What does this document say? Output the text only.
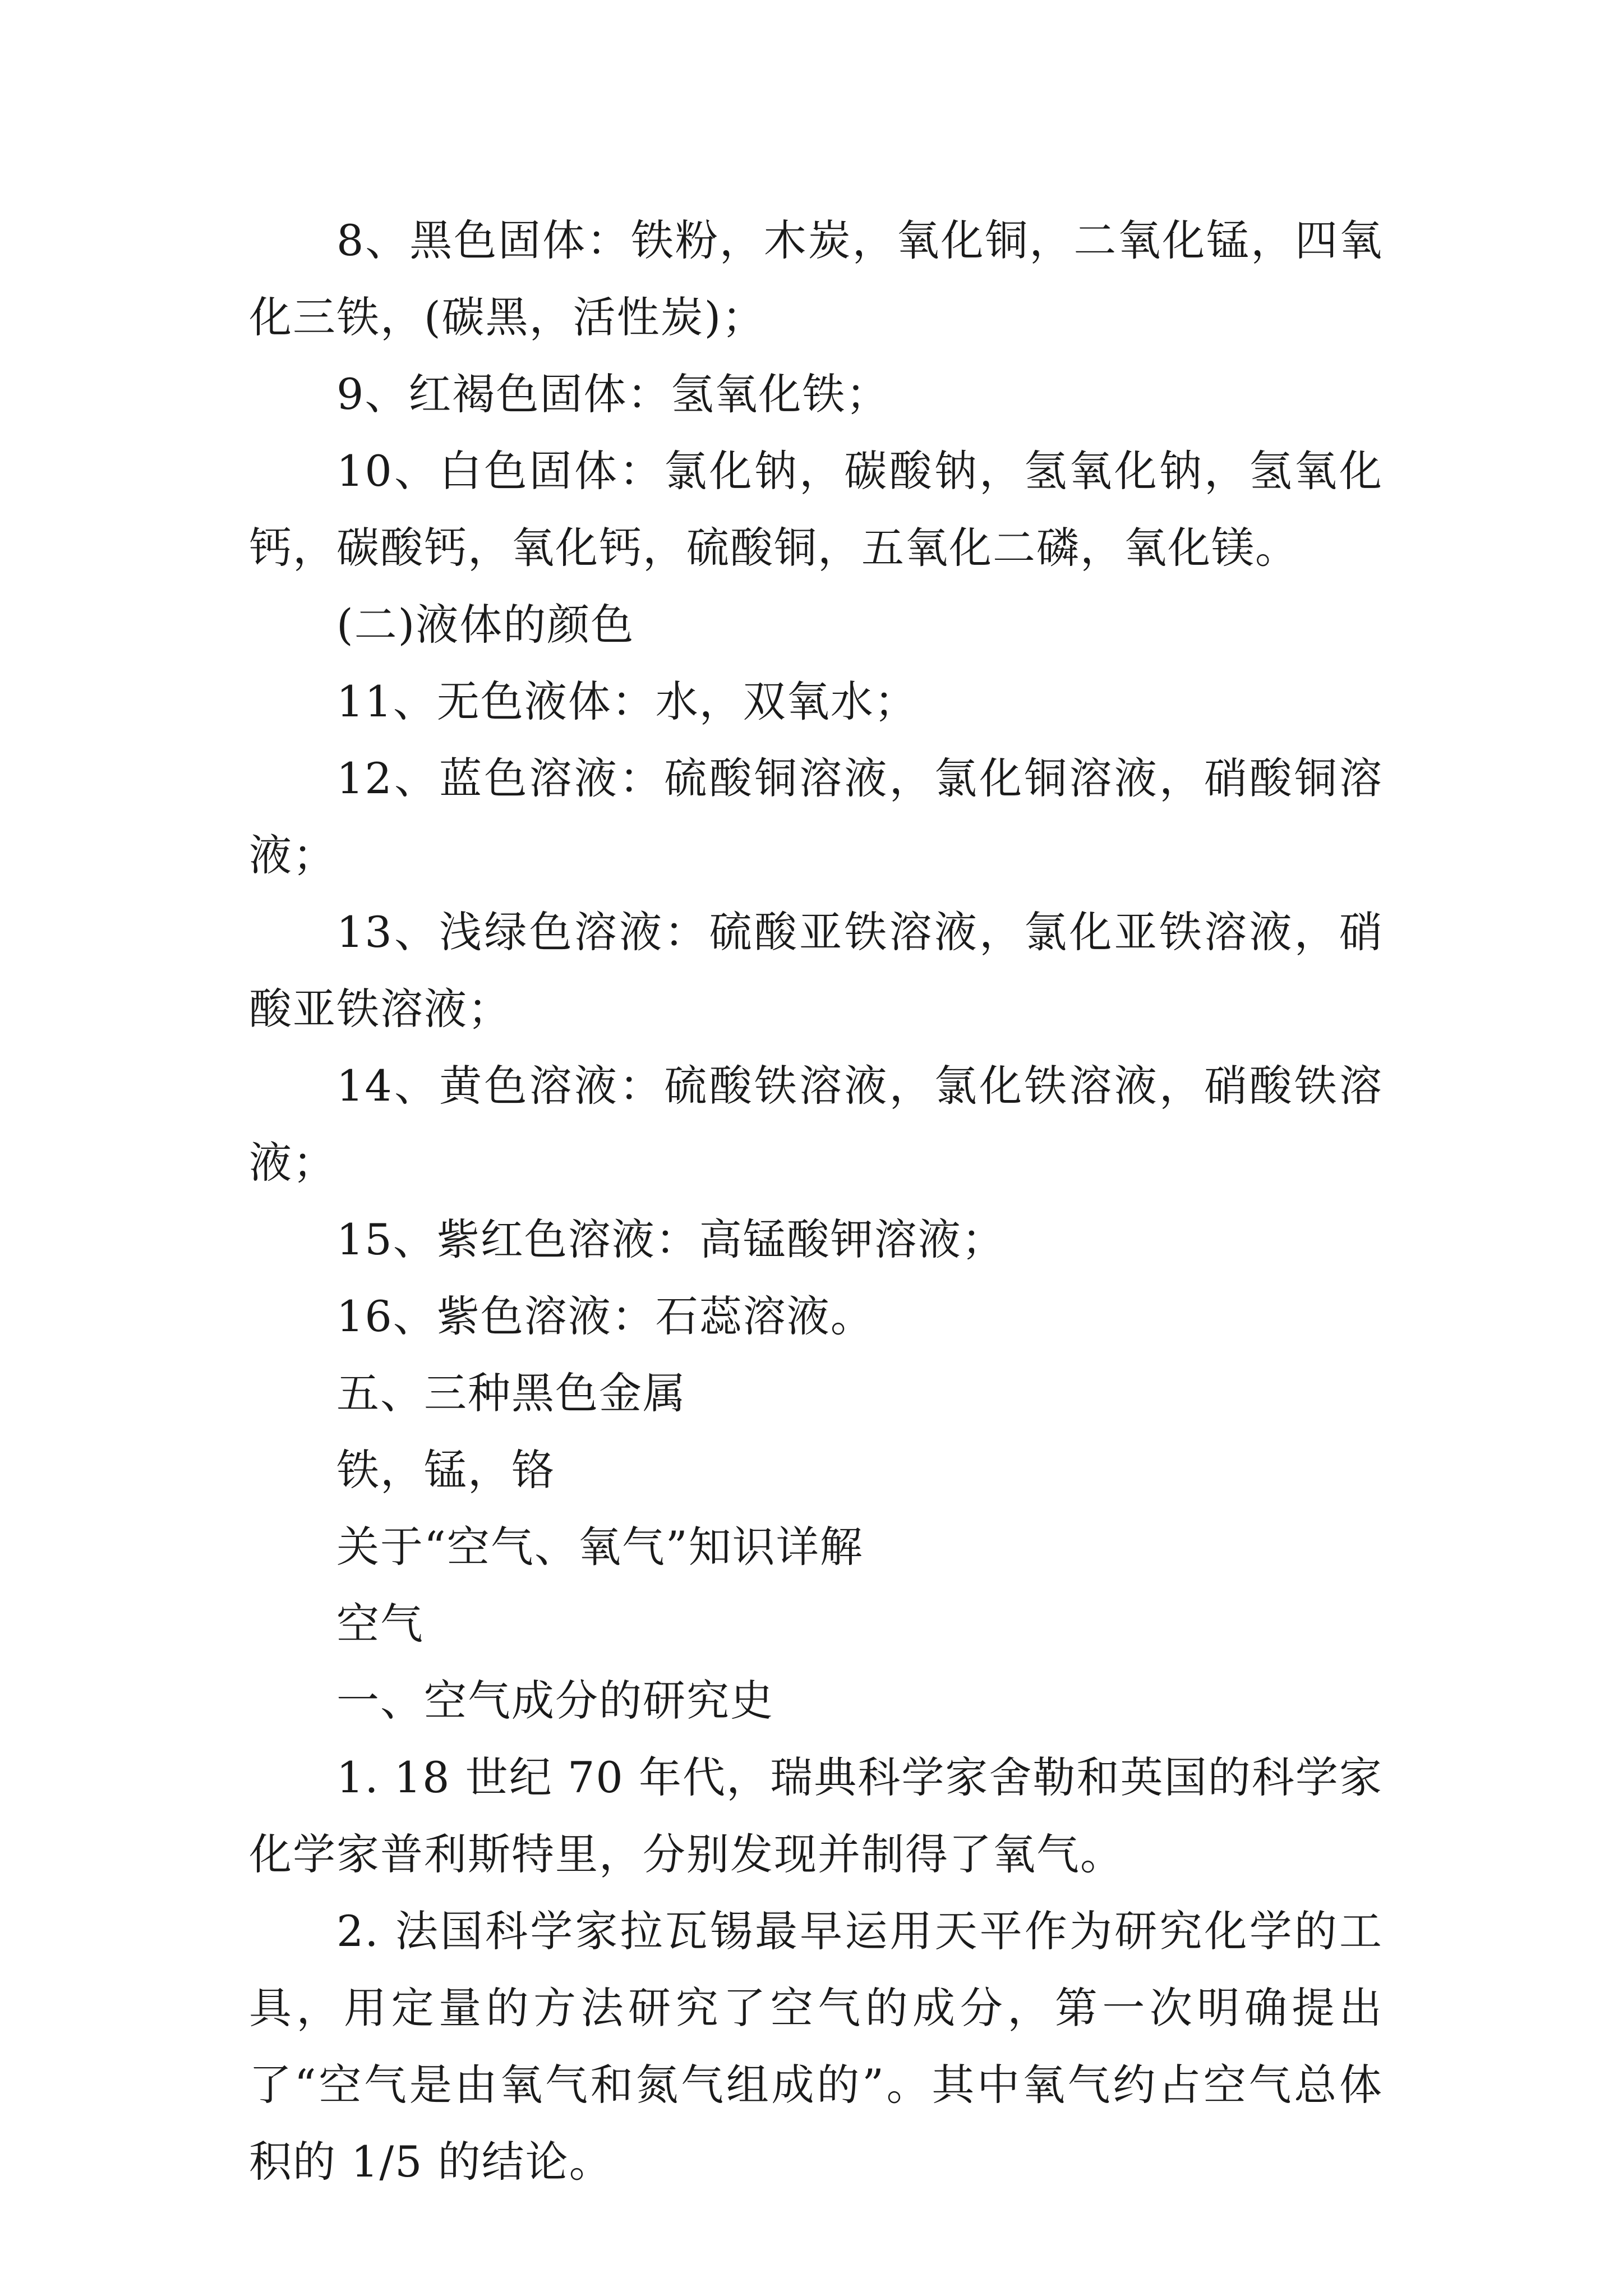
8、黑色固体：铁粉，木炭，氧化铜，二氧化锰，四氧化三铁，(碳黑，活性炭)；

9、红褐色固体：氢氧化铁；

10、白色固体：氯化钠，碳酸钠，氢氧化钠，氢氧化钙，碳酸钙，氧化钙，硫酸铜，五氧化二磷，氧化镁。

(二)液体的颜色

11、无色液体：水，双氧水；

12、蓝色溶液：硫酸铜溶液，氯化铜溶液，硝酸铜溶液；

13、浅绿色溶液：硫酸亚铁溶液，氯化亚铁溶液，硝酸亚铁溶液；

14、黄色溶液：硫酸铁溶液，氯化铁溶液，硝酸铁溶液；

15、紫红色溶液：高锰酸钾溶液；

16、紫色溶液：石蕊溶液。

五、三种黑色金属

铁，锰，铬

关于“空气、氧气”知识详解

空气

一、空气成分的研究史

1. 18 世纪 70 年代，瑞典科学家舍勒和英国的科学家化学家普利斯特里，分别发现并制得了氧气。

2. 法国科学家拉瓦锡最早运用天平作为研究化学的工具，用定量的方法研究了空气的成分，第一次明确提出了“空气是由氧气和氮气组成的”。其中氧气约占空气总体积的 1/5 的结论。
